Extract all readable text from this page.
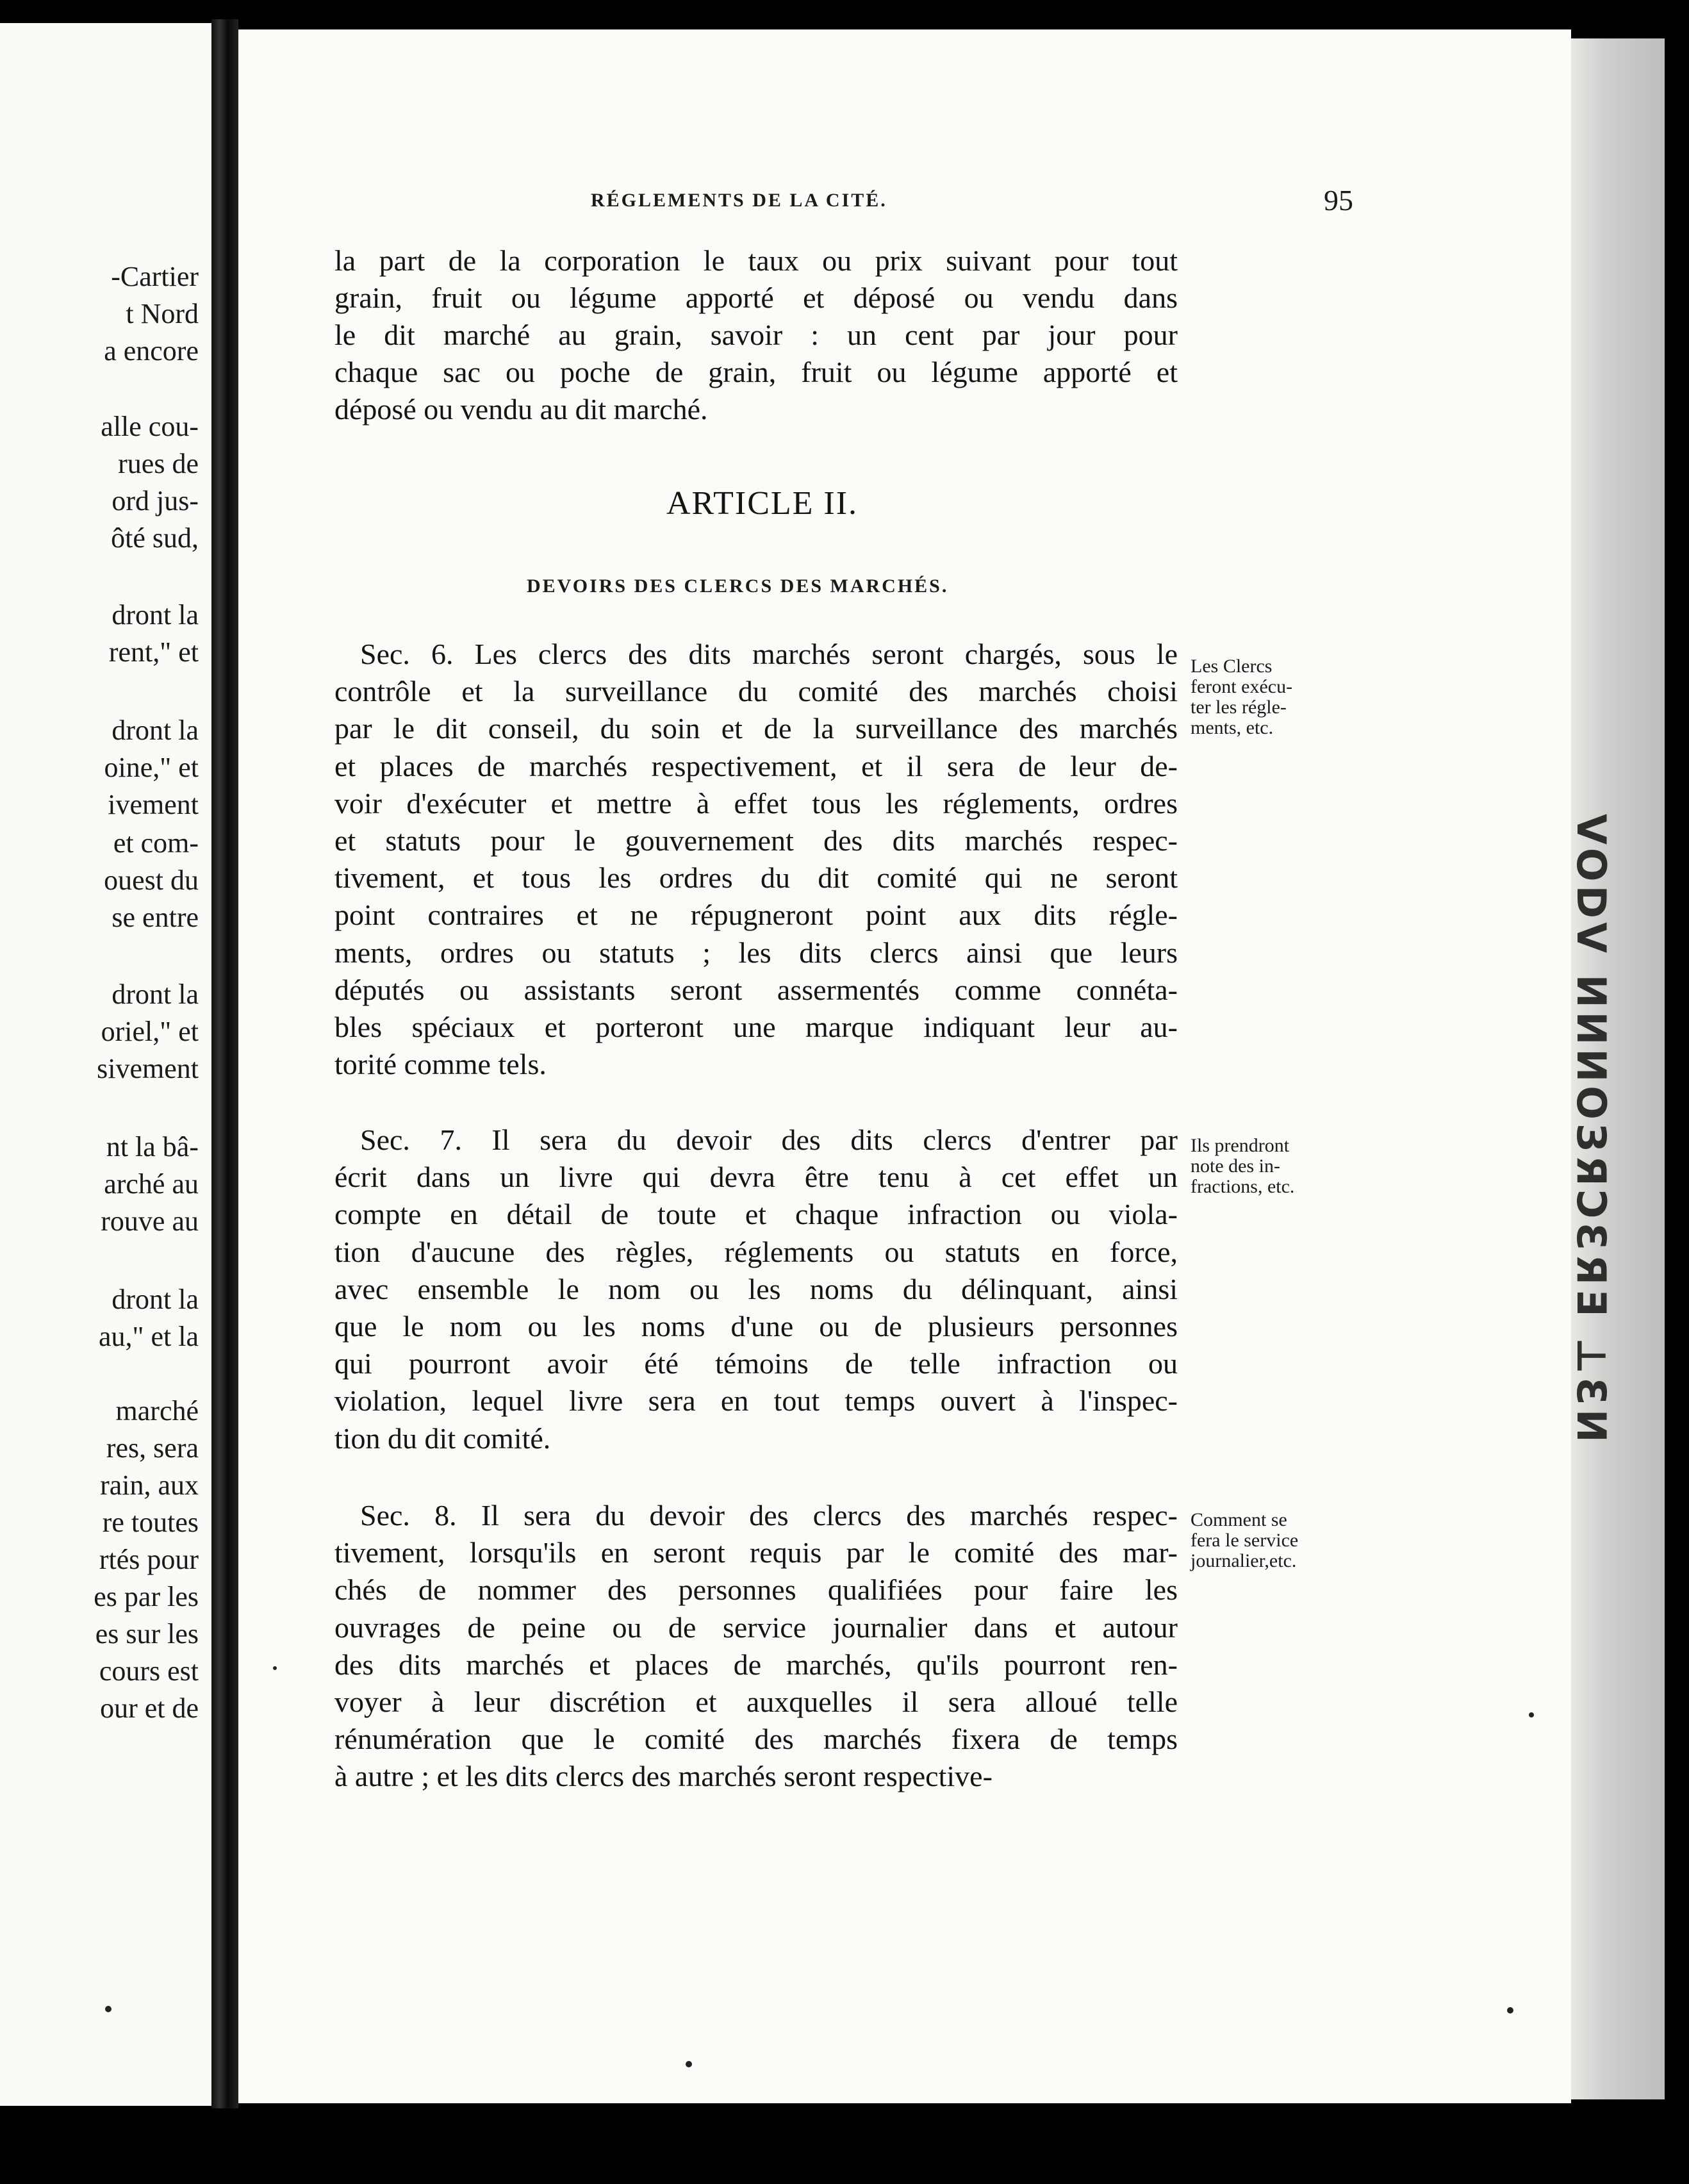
-Cartier
t Nord
a encore
alle cou-
rues de
ord jus-
ôté sud,
dront la
rent," et
dront la
oine," et
ivement
et com-
ouest du
se entre
dront la
oriel," et
sivement
nt la bâ-
arché au
rouve au
dront la
au," et la
marché
res, sera
rain, aux
re toutes
rtés pour
es par les
es sur les
cours est
our et de
VODV ИИИОЗЯƆƐЯƎ ⊥ƐИ
RÉGLEMENTS DE LA CITÉ.	95
ARTICLE II.
DEVOIRS DES CLERCS DES MARCHÉS.
la part de la corporation le taux ou prix suivant pour tout
grain, fruit ou légume apporté et déposé ou vendu dans
le dit marché au grain, savoir : un cent par jour pour
chaque sac ou poche de grain, fruit ou légume apporté et
déposé ou vendu au dit marché.
Sec. 6. Les clercs des dits marchés seront chargés, sous le
contrôle et la surveillance du comité des marchés choisi
par le dit conseil, du soin et de la surveillance des marchés
et places de marchés respectivement, et il sera de leur de-
voir d'exécuter et mettre à effet tous les réglements, ordres
et statuts pour le gouvernement des dits marchés respec-
tivement, et tous les ordres du dit comité qui ne seront
point contraires et ne répugneront point aux dits régle-
ments, ordres ou statuts ; les dits clercs ainsi que leurs
députés ou assistants seront assermentés comme connéta-
bles spéciaux et porteront une marque indiquant leur au-
torité comme tels.
Sec. 7. Il sera du devoir des dits clercs d'entrer par
écrit dans un livre qui devra être tenu à cet effet un
compte en détail de toute et chaque infraction ou viola-
tion d'aucune des règles, réglements ou statuts en force,
avec ensemble le nom ou les noms du délinquant, ainsi
que le nom ou les noms d'une ou de plusieurs personnes
qui pourront avoir été témoins de telle infraction ou
violation, lequel livre sera en tout temps ouvert à l'inspec-
tion du dit comité.
Sec. 8. Il sera du devoir des clercs des marchés respec-
tivement, lorsqu'ils en seront requis par le comité des mar-
chés de nommer des personnes qualifiées pour faire les
ouvrages de peine ou de service journalier dans et autour
des dits marchés et places de marchés, qu'ils pourront ren-
voyer à leur discrétion et auxquelles il sera alloué telle
rénumération que le comité des marchés fixera de temps
à autre ; et les dits clercs des marchés seront respective-
Les Clercs
feront exécu-
ter les régle-
ments, etc.
Ils prendront
note des in-
fractions, etc.
Comment se
fera le service
journalier,etc.
